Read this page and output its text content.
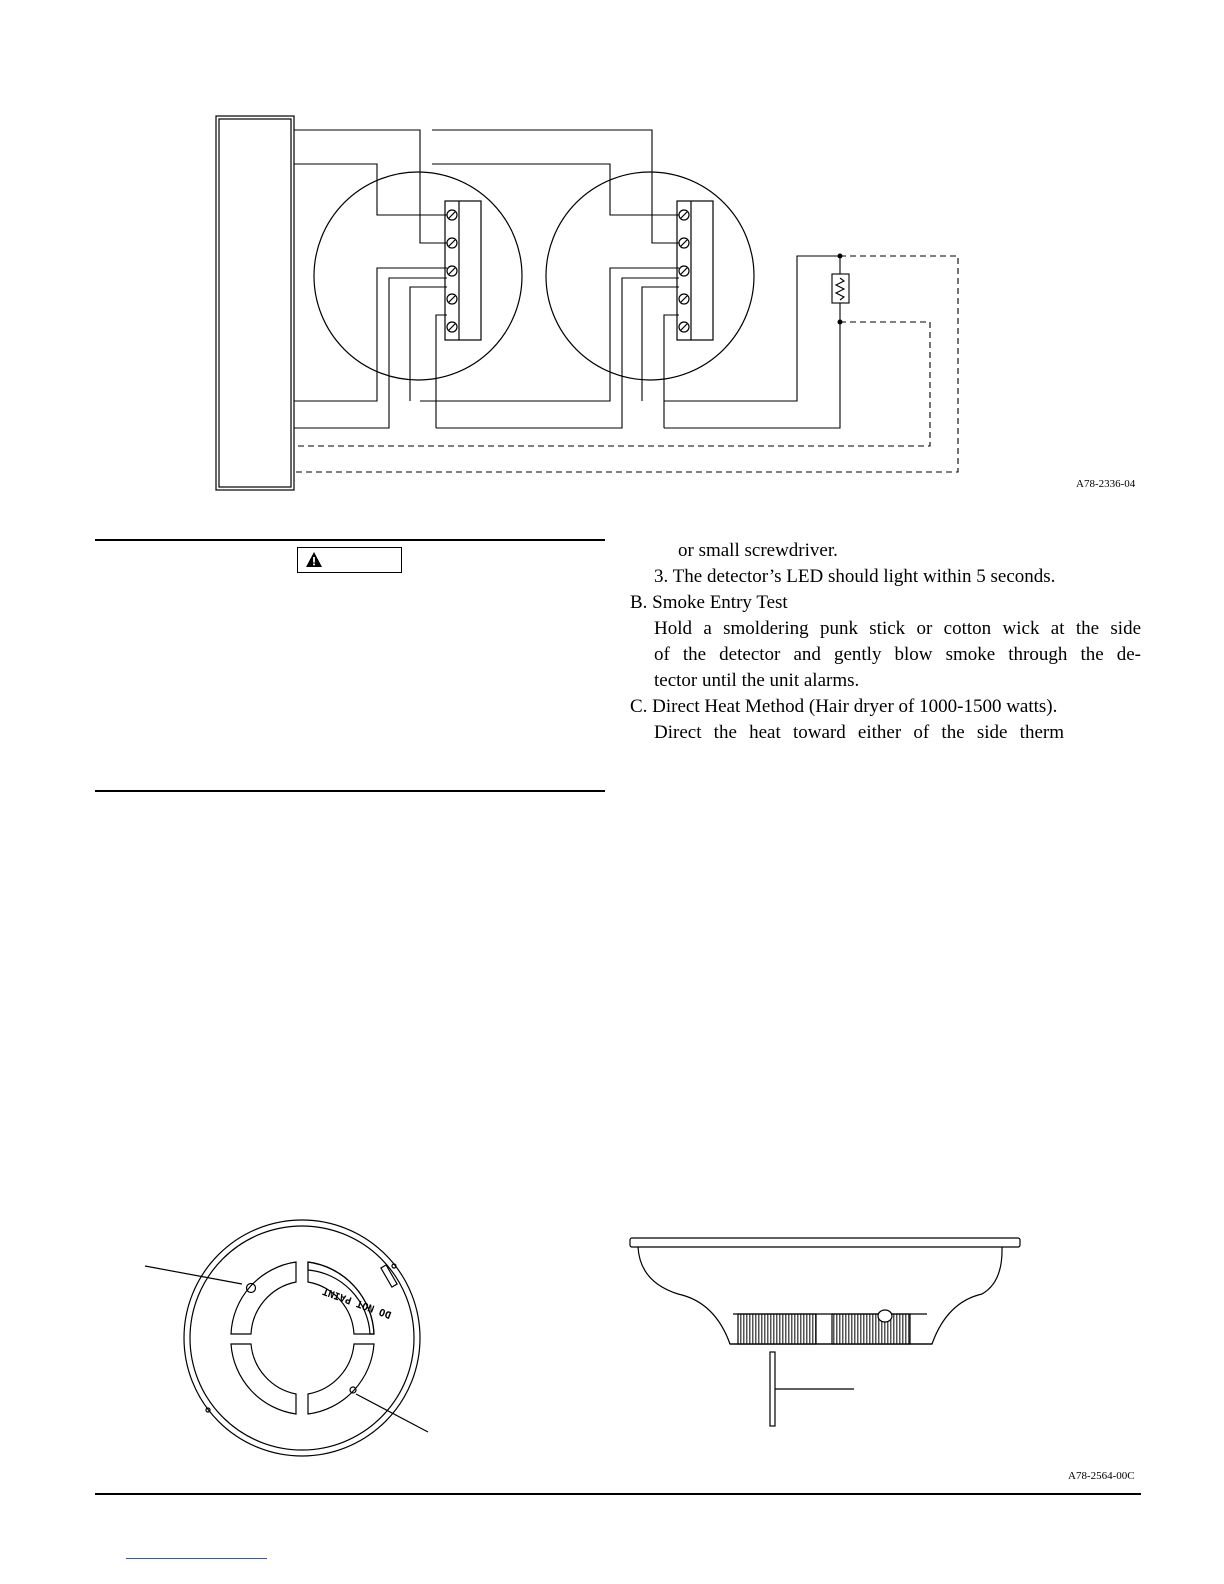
A78-2336-04
or small screwdriver.
3. The detector’s LED should light within 5 seconds.
B. Smoke Entry Test
Hold a smoldering punk stick or cotton wick at the side
of the detector and gently blow smoke through the de-
tector until the unit alarms.
C. Direct Heat Method (Hair dryer of 1000-1500 watts).
Direct the heat toward either of the side therm
DO NOT PAINT
A78-2564-00C
